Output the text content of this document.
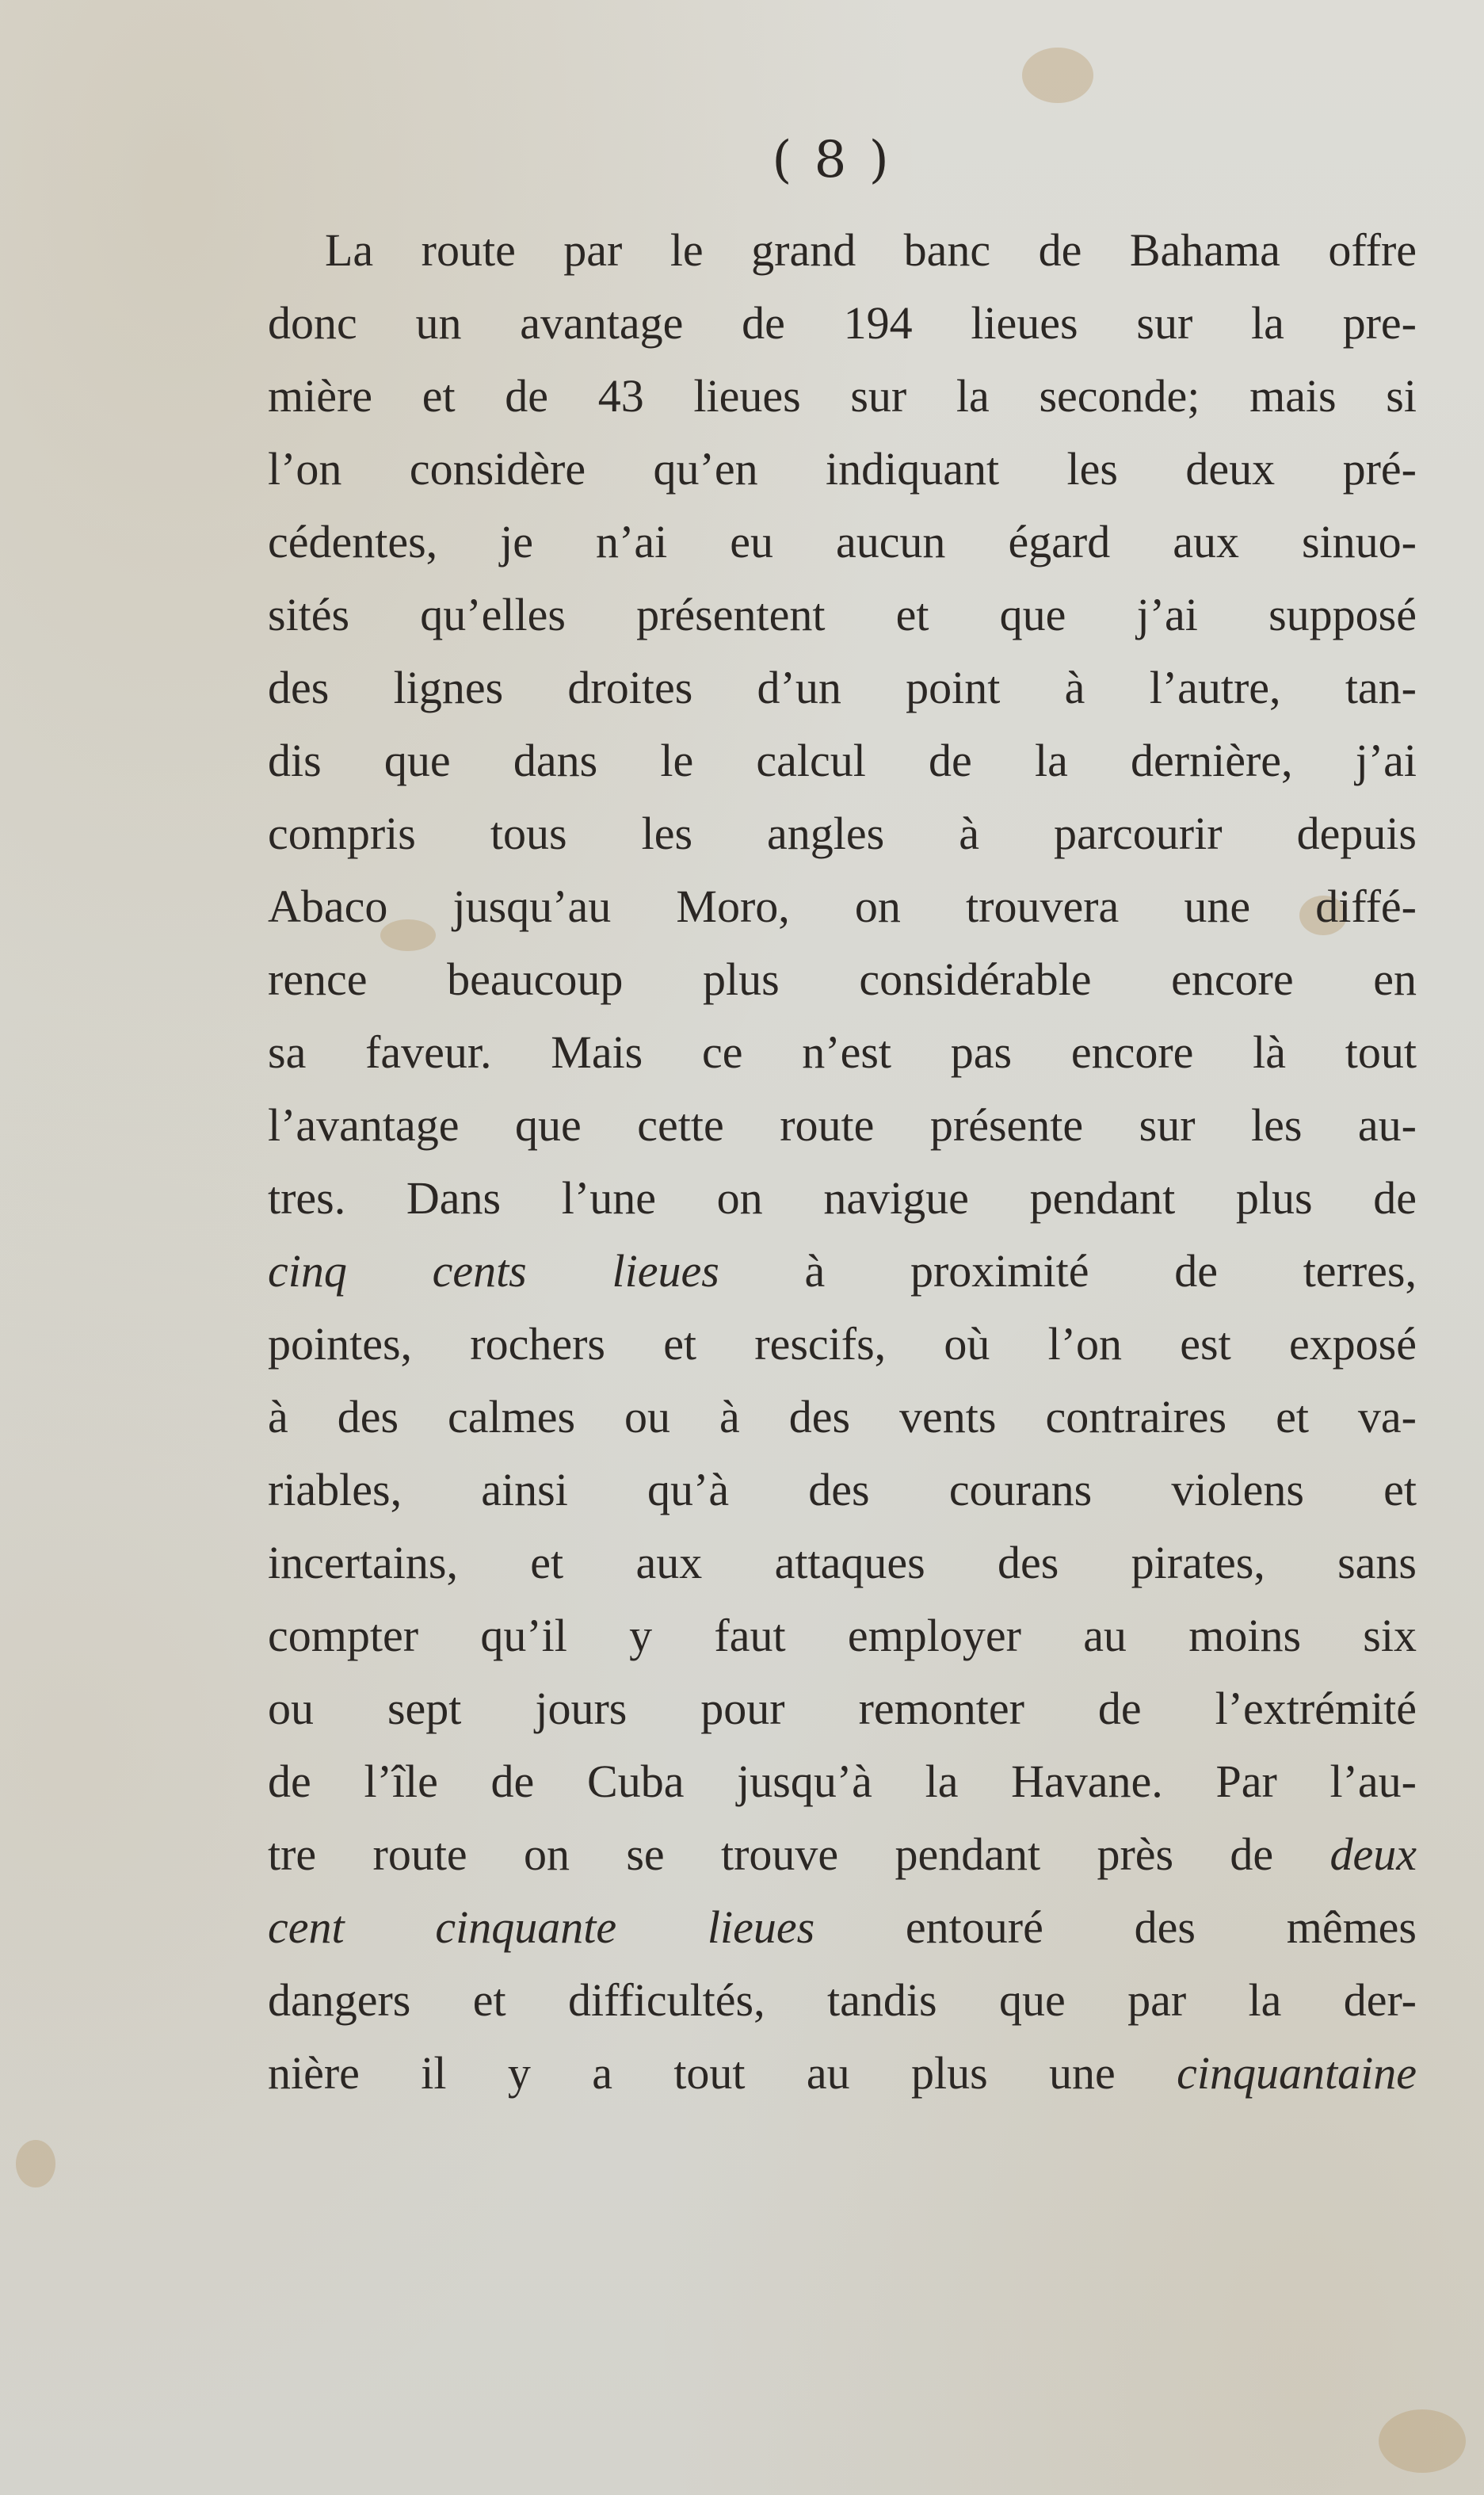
( 8 )
La route par le grand banc de Bahama offre
donc un avantage de 194 lieues sur la pre-
mière et de 43 lieues sur la seconde; mais si
l’on considère qu’en indiquant les deux pré-
cédentes, je n’ai eu aucun égard aux sinuo-
sités qu’elles présentent et que j’ai supposé
des lignes droites d’un point à l’autre, tan-
dis que dans le calcul de la dernière, j’ai
compris tous les angles à parcourir depuis
Abaco jusqu’au Moro, on trouvera une diffé-
rence beaucoup plus considérable encore en
sa faveur. Mais ce n’est pas encore là tout
l’avantage que cette route présente sur les au-
tres. Dans l’une on navigue pendant plus de
cinq cents lieues à proximité de terres,
pointes, rochers et rescifs, où l’on est exposé
à des calmes ou à des vents contraires et va-
riables, ainsi qu’à des courans violens et
incertains, et aux attaques des pirates, sans
compter qu’il y faut employer au moins six
ou sept jours pour remonter de l’extrémité
de l’île de Cuba jusqu’à la Havane. Par l’au-
tre route on se trouve pendant près de deux
cent cinquante lieues entouré des mêmes
dangers et difficultés, tandis que par la der-
nière il y a tout au plus une cinquantaine
